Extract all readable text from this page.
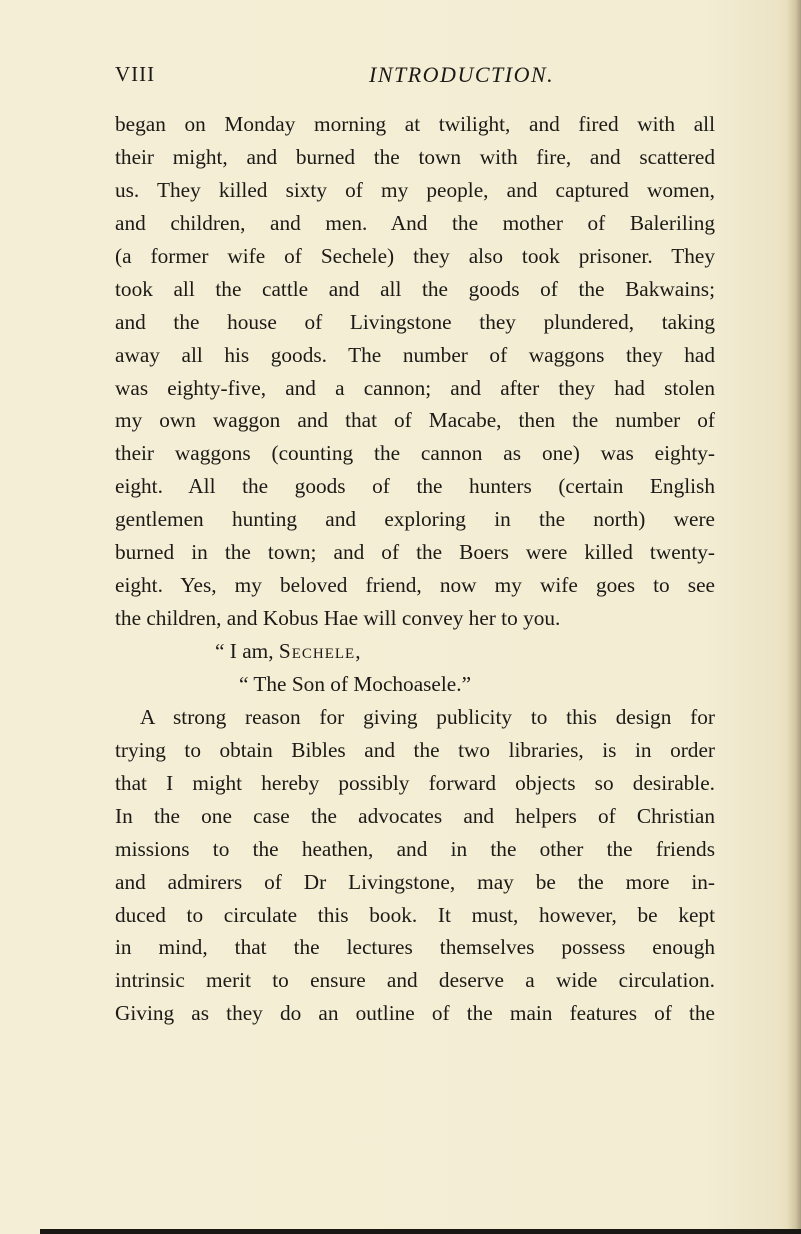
VIII	INTRODUCTION.
began on Monday morning at twilight, and fired with all
their might, and burned the town with fire, and scattered
us. They killed sixty of my people, and captured women,
and children, and men. And the mother of Baleriling
(a former wife of Sechele) they also took prisoner. They
took all the cattle and all the goods of the Bakwains;
and the house of Livingstone they plundered, taking
away all his goods. The number of waggons they had
was eighty-five, and a cannon; and after they had stolen
my own waggon and that of Macabe, then the number of
their waggons (counting the cannon as one) was eighty-
eight. All the goods of the hunters (certain English
gentlemen hunting and exploring in the north) were
burned in the town; and of the Boers were killed twenty-
eight. Yes, my beloved friend, now my wife goes to see
the children, and Kobus Hae will convey her to you.
“ I am, Sechele,
“ The Son of Mochoasele.”
A strong reason for giving publicity to this design for
trying to obtain Bibles and the two libraries, is in order
that I might hereby possibly forward objects so desirable.
In the one case the advocates and helpers of Christian
missions to the heathen, and in the other the friends
and admirers of Dr Livingstone, may be the more in-
duced to circulate this book. It must, however, be kept
in mind, that the lectures themselves possess enough
intrinsic merit to ensure and deserve a wide circulation.
Giving as they do an outline of the main features of the
